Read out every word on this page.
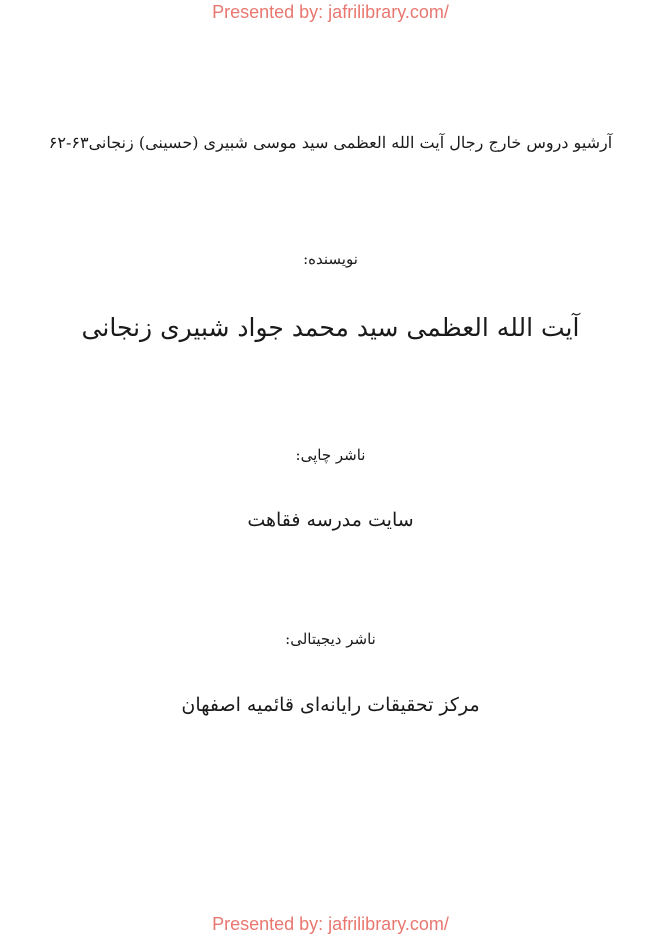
Presented by: jafrilibrary.com/
آرشیو دروس خارج رجال آیت الله العظمی سید موسی شبیری (حسینی) زنجانی۶۳-۶۲
نویسنده:
آیت الله العظمی سید محمد جواد شبیری زنجانی
ناشر چاپی:
سایت مدرسه فقاهت
ناشر دیجیتالی:
مرکز تحقیقات رایانه‌ای قائمیه اصفهان
Presented by: jafrilibrary.com/
